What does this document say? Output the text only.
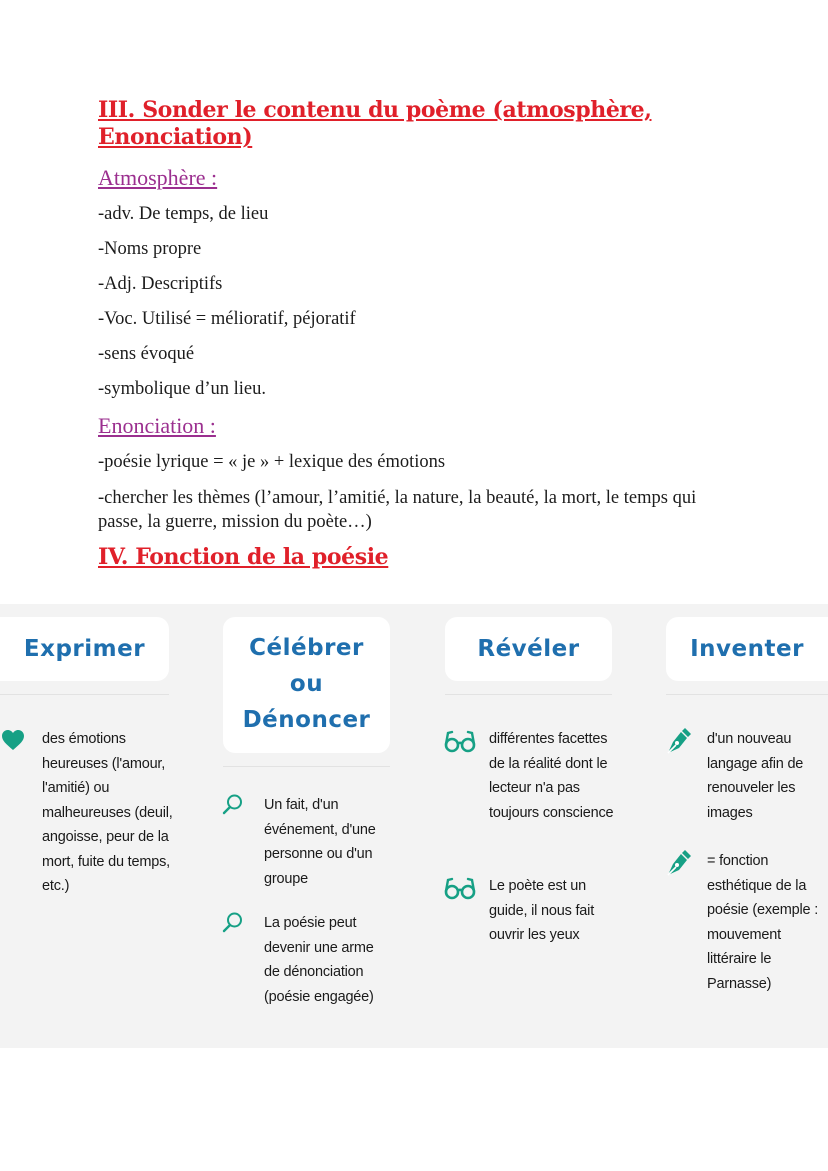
III. Sonder le contenu du poème (atmosphère, Enonciation)
Atmosphère :
-adv. De temps, de lieu
-Noms propre
-Adj. Descriptifs
-Voc. Utilisé = mélioratif, péjoratif
-sens évoqué
-symbolique d’un lieu.
Enonciation :
-poésie lyrique = « je » + lexique des émotions
-chercher les thèmes (l’amour, l’amitié, la nature, la beauté, la mort, le temps qui passe, la guerre, mission du poète…)
IV. Fonction de la poésie
Exprimer
des émotions heureuses (l'amour, l'amitié) ou malheureuses (deuil, angoisse, peur de la mort, fuite du temps, etc.)
Célébrer ou Dénoncer
Un fait, d'un événement, d'une personne ou d'un groupe
La poésie peut devenir une arme de dénonciation (poésie engagée)
Révéler
différentes facettes de la réalité dont le lecteur n'a pas toujours conscience
Le poète est un guide, il nous fait ouvrir les yeux
Inventer
d'un nouveau langage afin de renouveler les images
= fonction esthétique de la poésie (exemple : mouvement littéraire le Parnasse)
